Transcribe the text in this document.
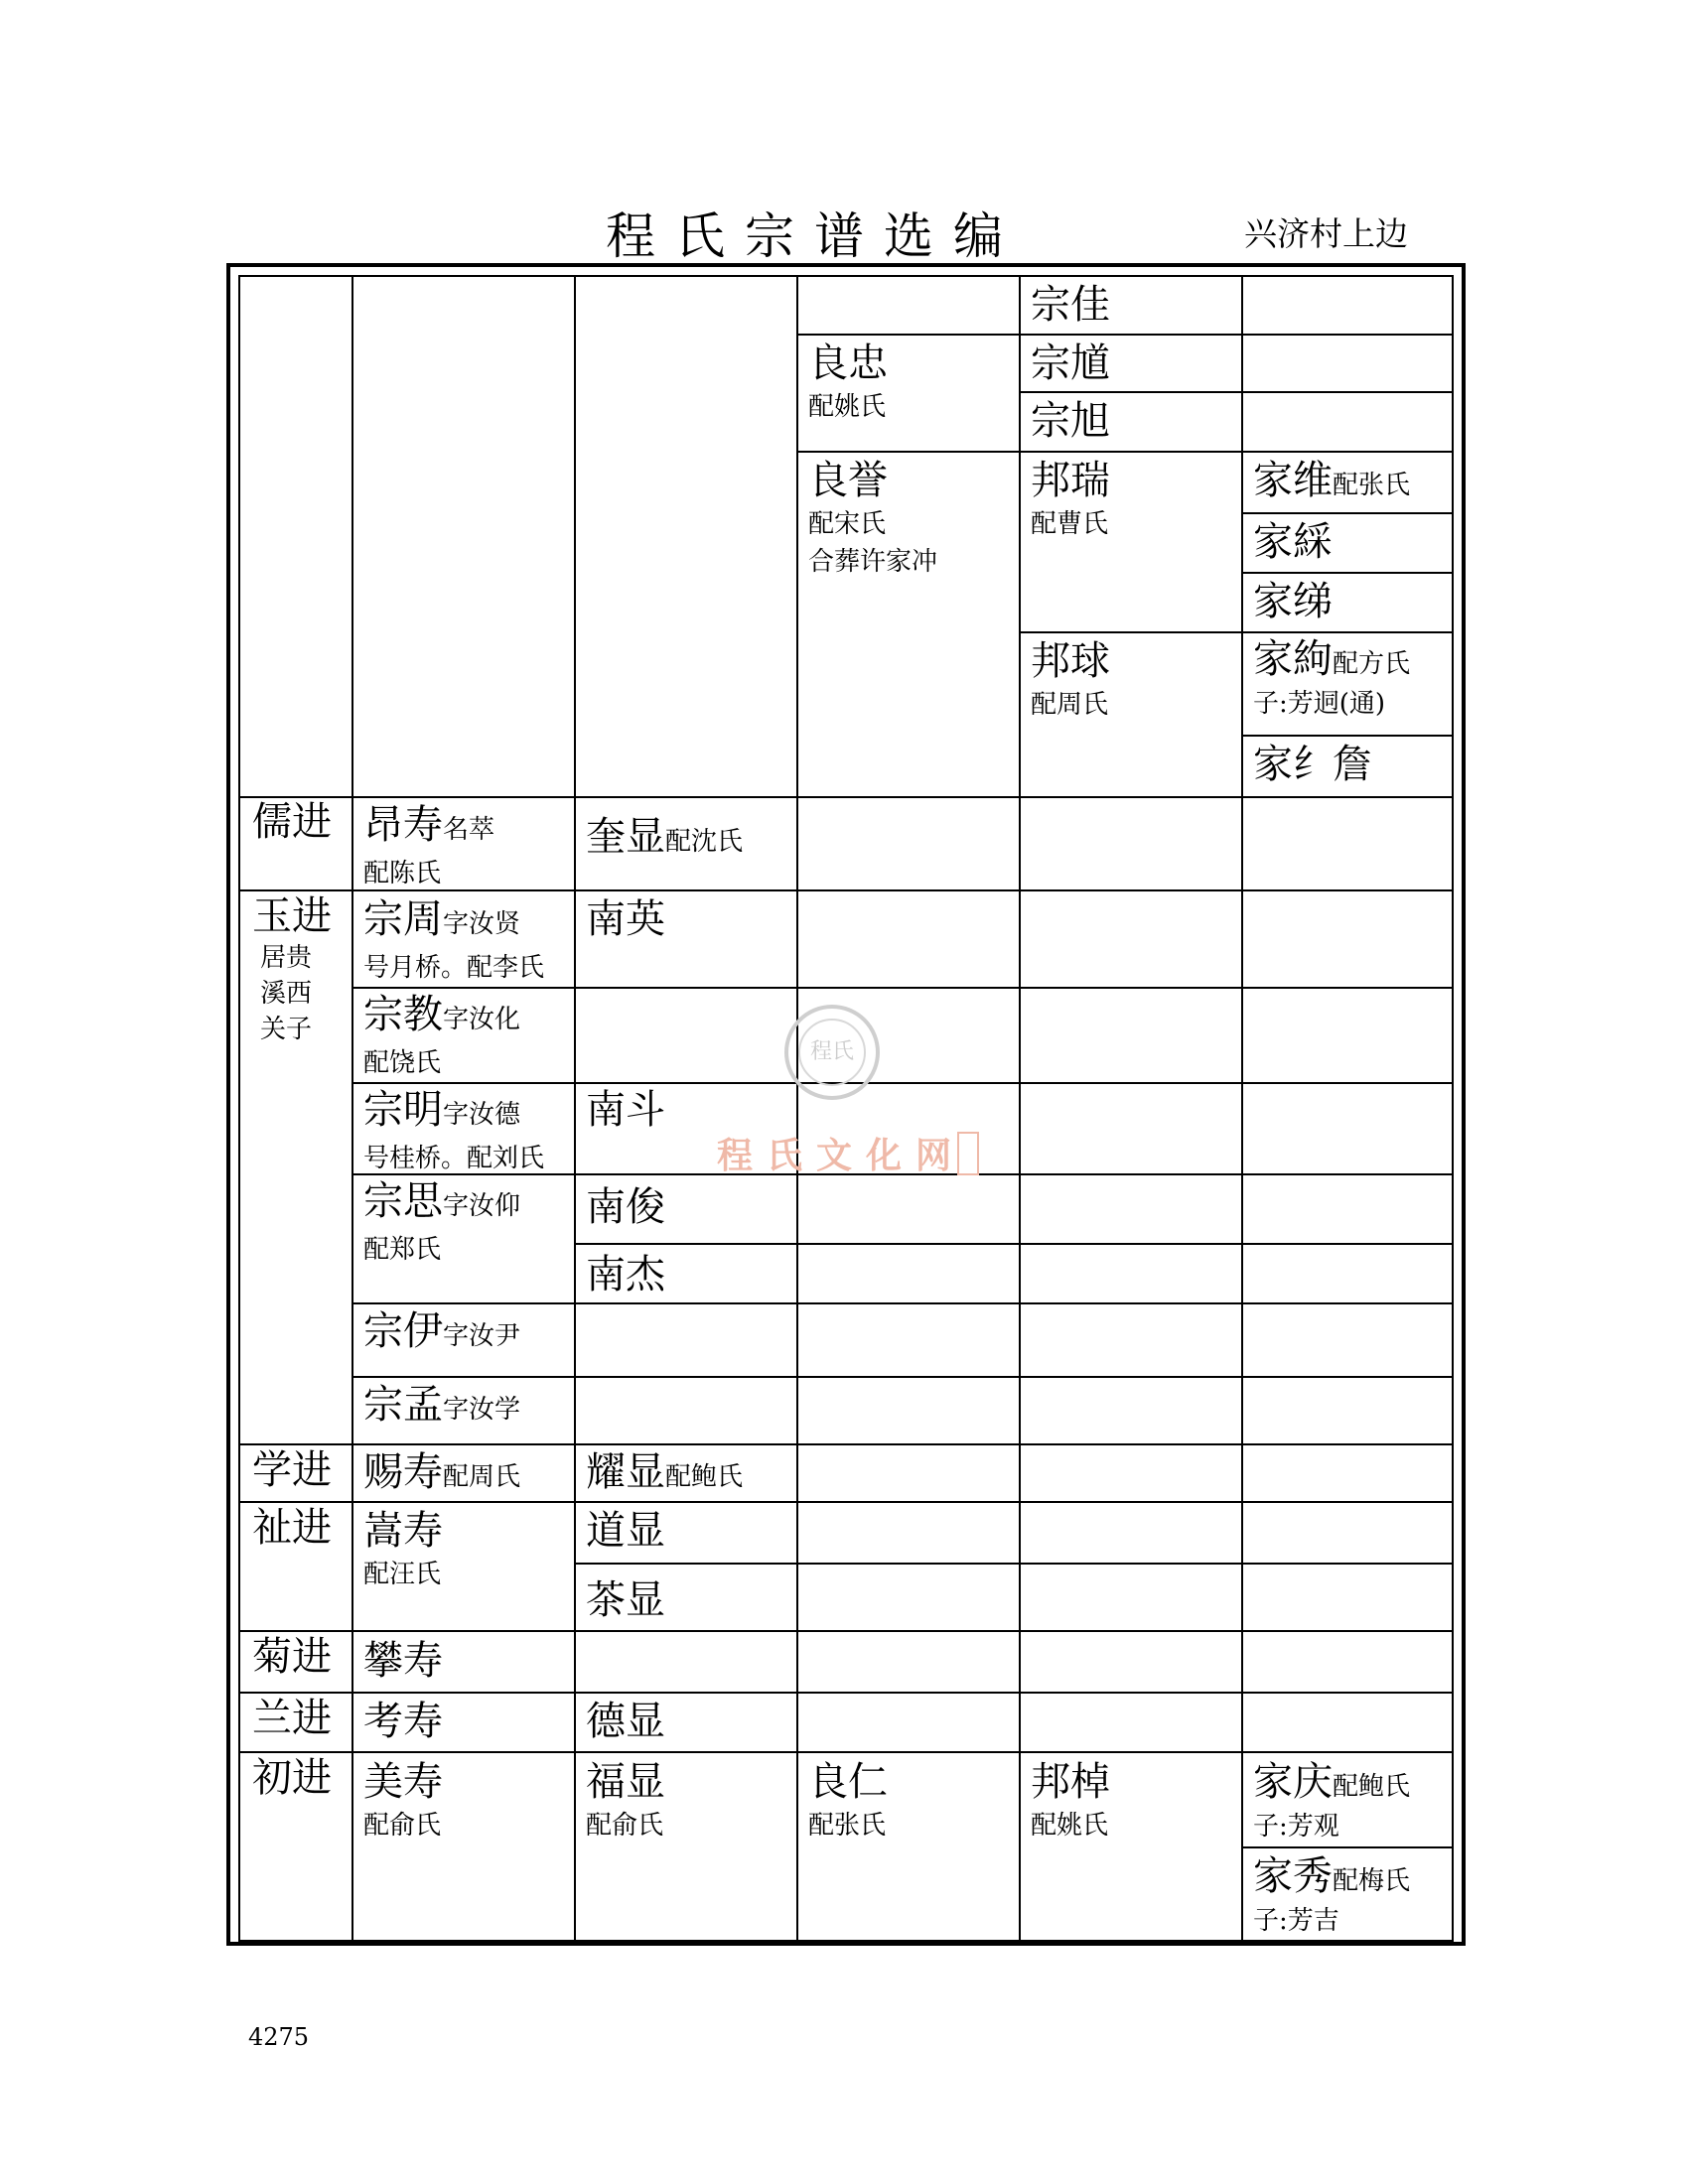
程氏宗谱选编	兴济村上边
儒进
玉进
居贵
溪西
关子
学进
祉进
菊进
兰进
初进
昂寿名萃
配陈氏
宗周字汝贤
号月桥。配李氏
宗教字汝化
配饶氏
宗明字汝德
号桂桥。配刘氏
宗思字汝仰
配郑氏
宗伊字汝尹
宗孟字汝学
赐寿配周氏
嵩寿
配汪氏
攀寿
考寿
美寿
配俞氏
奎显配沈氏
南英
南斗
南俊
南杰
耀显配鲍氏
道显
茶显
德显
福显
配俞氏
良忠
配姚氏
良誉
配宋氏
合葬许家冲
良仁
配张氏
宗佳
宗馗
宗旭
邦瑞
配曹氏
邦球
配周氏
邦棹
配姚氏
家维配张氏
家綵
家绨
家絇配方氏
子:芳迵(通)
家纟詹
家庆配鲍氏
子:芳观
家秀配梅氏
子:芳吉
程氏
程氏文化网
4275
